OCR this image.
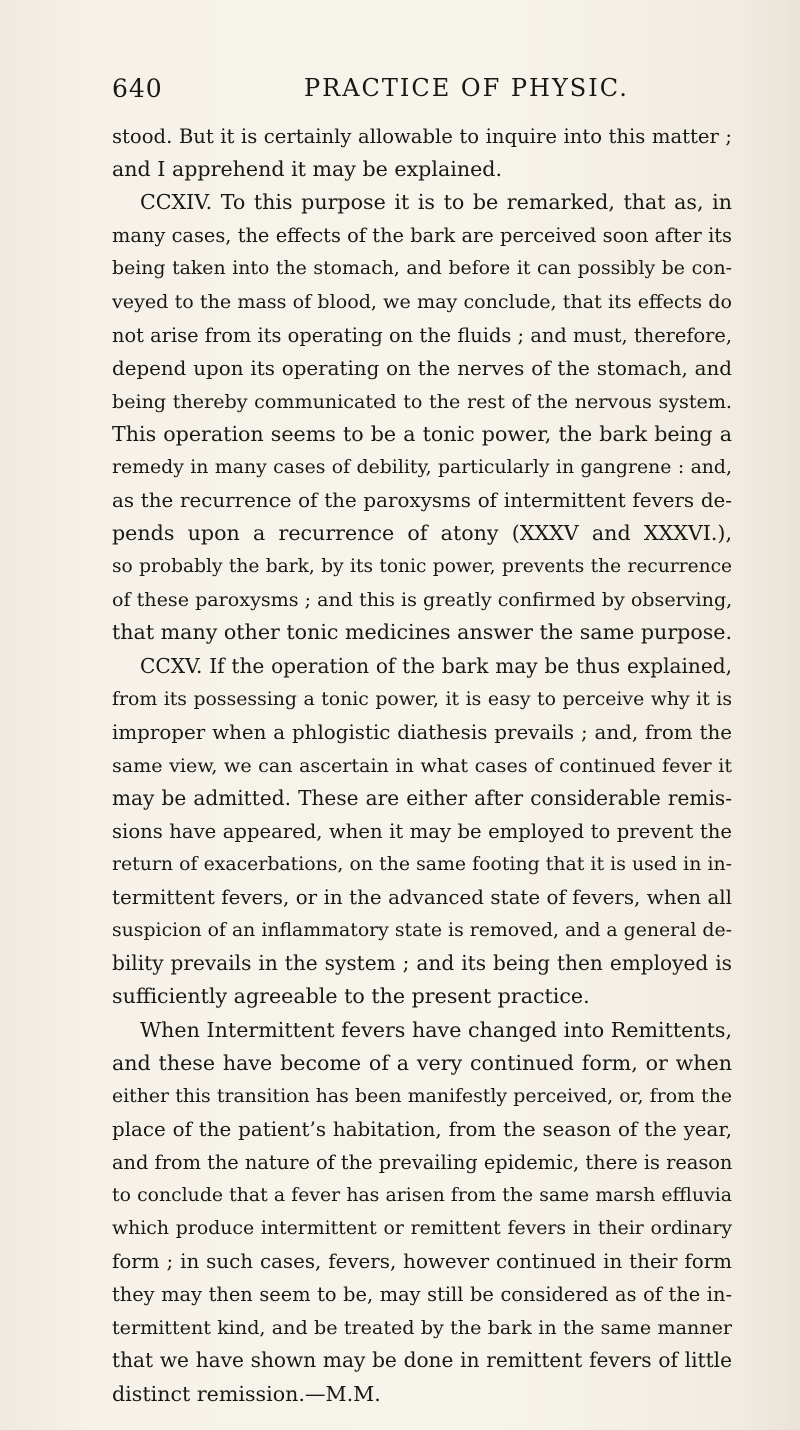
640	PRACTICE OF PHYSIC.
stood. But it is certainly allowable to inquire into this matter ;
and I apprehend it may be explained.
CCXIV. To this purpose it is to be remarked, that as, in
many cases, the effects of the bark are perceived soon after its
being taken into the stomach, and before it can possibly be con-
veyed to the mass of blood, we may conclude, that its effects do
not arise from its operating on the fluids ; and must, therefore,
depend upon its operating on the nerves of the stomach, and
being thereby communicated to the rest of the nervous system.
This operation seems to be a tonic power, the bark being a
remedy in many cases of debility, particularly in gangrene : and,
as the recurrence of the paroxysms of intermittent fevers de-
pends upon a recurrence of atony (XXXV and XXXVI.),
so probably the bark, by its tonic power, prevents the recurrence
of these paroxysms ; and this is greatly confirmed by observing,
that many other tonic medicines answer the same purpose.
CCXV. If the operation of the bark may be thus explained,
from its possessing a tonic power, it is easy to perceive why it is
improper when a phlogistic diathesis prevails ; and, from the
same view, we can ascertain in what cases of continued fever it
may be admitted. These are either after considerable remis-
sions have appeared, when it may be employed to prevent the
return of exacerbations, on the same footing that it is used in in-
termittent fevers, or in the advanced state of fevers, when all
suspicion of an inflammatory state is removed, and a general de-
bility prevails in the system ; and its being then employed is
sufficiently agreeable to the present practice.
When Intermittent fevers have changed into Remittents,
and these have become of a very continued form, or when
either this transition has been manifestly perceived, or, from the
place of the patient’s habitation, from the season of the year,
and from the nature of the prevailing epidemic, there is reason
to conclude that a fever has arisen from the same marsh effluvia
which produce intermittent or remittent fevers in their ordinary
form ; in such cases, fevers, however continued in their form
they may then seem to be, may still be considered as of the in-
termittent kind, and be treated by the bark in the same manner
that we have shown may be done in remittent fevers of little
distinct remission.—M.M.
